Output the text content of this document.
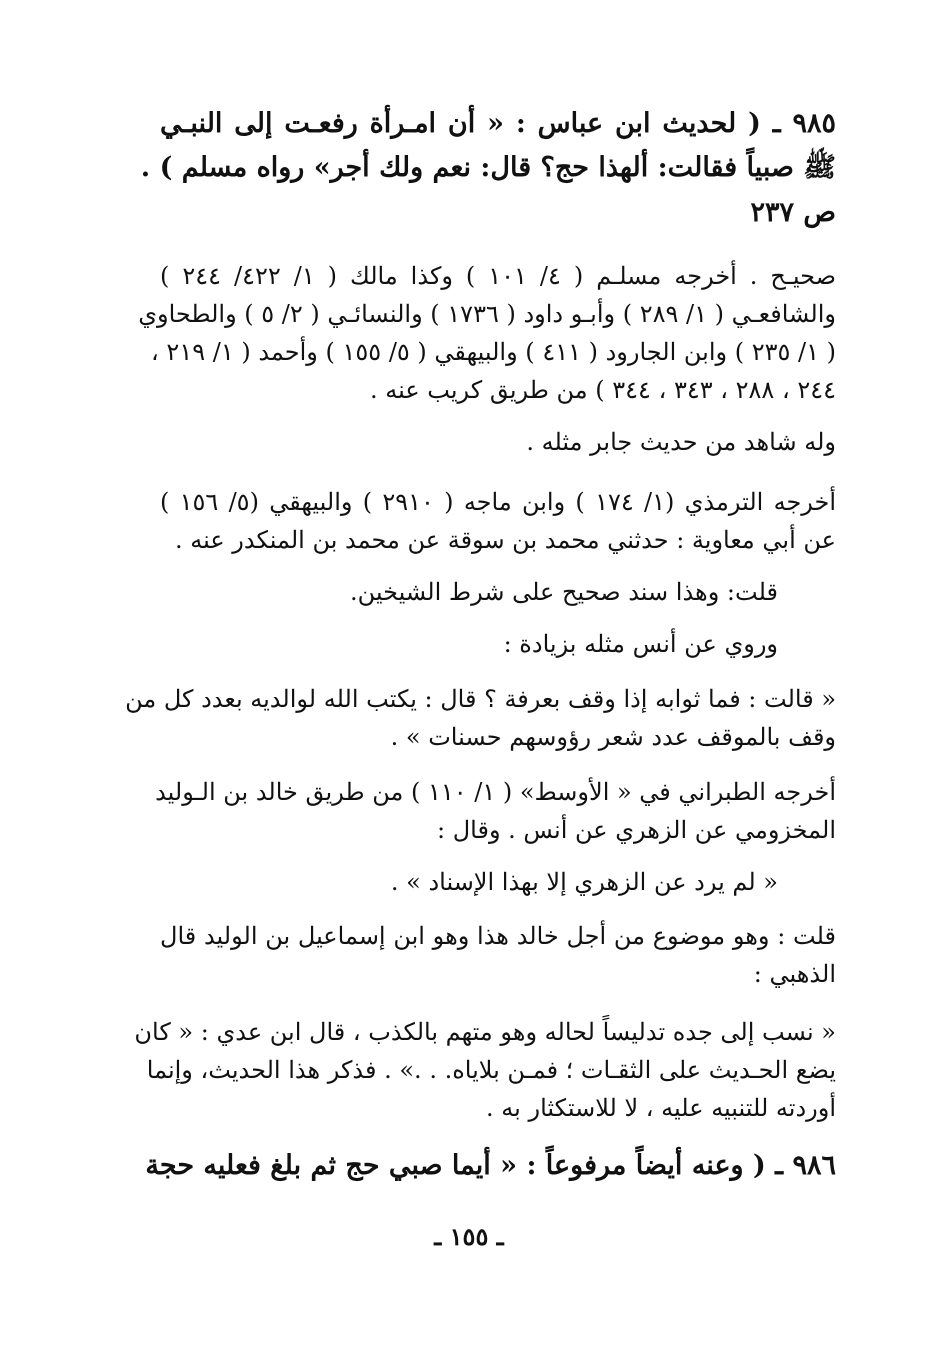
٩٨٥ ـ ( لحديث ابن عباس : « أن امـرأة رفعـت إلى النبـي
ﷺ صبياً فقالت: ألهذا حج؟ قال: نعم ولك أجر» رواه مسلم ) .
ص ٢٣٧
صحيـح . أخرجه مسلـم ( ٤/ ١٠١ ) وكذا مالك ( ١/ ٤٢٢/ ٢٤٤ )
والشافعـي ( ١/ ٢٨٩ ) وأبـو داود ( ١٧٣٦ ) والنسائـي ( ٢/ ٥ ) والطحاوي
( ١/ ٢٣٥ ) وابن الجارود ( ٤١١ ) والبيهقي ( ٥/ ١٥٥ ) وأحمد ( ١/ ٢١٩ ،
٢٤٤ ، ٢٨٨ ، ٣٤٣ ، ٣٤٤ ) من طريق كريب عنه .
وله شاهد من حديث جابر مثله .
أخرجه الترمذي (١/ ١٧٤ ) وابن ماجه ( ٢٩١٠ ) والبيهقي (٥/ ١٥٦ )
عن أبي معاوية : حدثني محمد بن سوقة عن محمد بن المنكدر عنه .
قلت: وهذا سند صحيح على شرط الشيخين.
وروي عن أنس مثله بزيادة :
« قالت : فما ثوابه إذا وقف بعرفة ؟ قال : يكتب الله لوالديه بعدد كل من
وقف بالموقف عدد شعر رؤوسهم حسنات » .
أخرجه الطبراني في « الأوسط» ( ١/ ١١٠ ) من طريق خالد بن الـوليد
المخزومي عن الزهري عن أنس . وقال :
« لم يرد عن الزهري إلا بهذا الإسناد » .
قلت : وهو موضوع من أجل خالد هذا وهو ابن إسماعيل بن الوليد قال
الذهبي :
« نسب إلى جده تدليساً لحاله وهو متهم بالكذب ، قال ابن عدي : « كان
يضع الحـديث على الثقـات ؛ فمـن بلاياه. . .» . فذكر هذا الحديث، وإنما
أوردته للتنبيه عليه ، لا للاستكثار به .
٩٨٦ ـ ( وعنه أيضاً مرفوعاً : « أيما صبي حج ثم بلغ فعليه حجة
ـ ١٥٥ ـ
